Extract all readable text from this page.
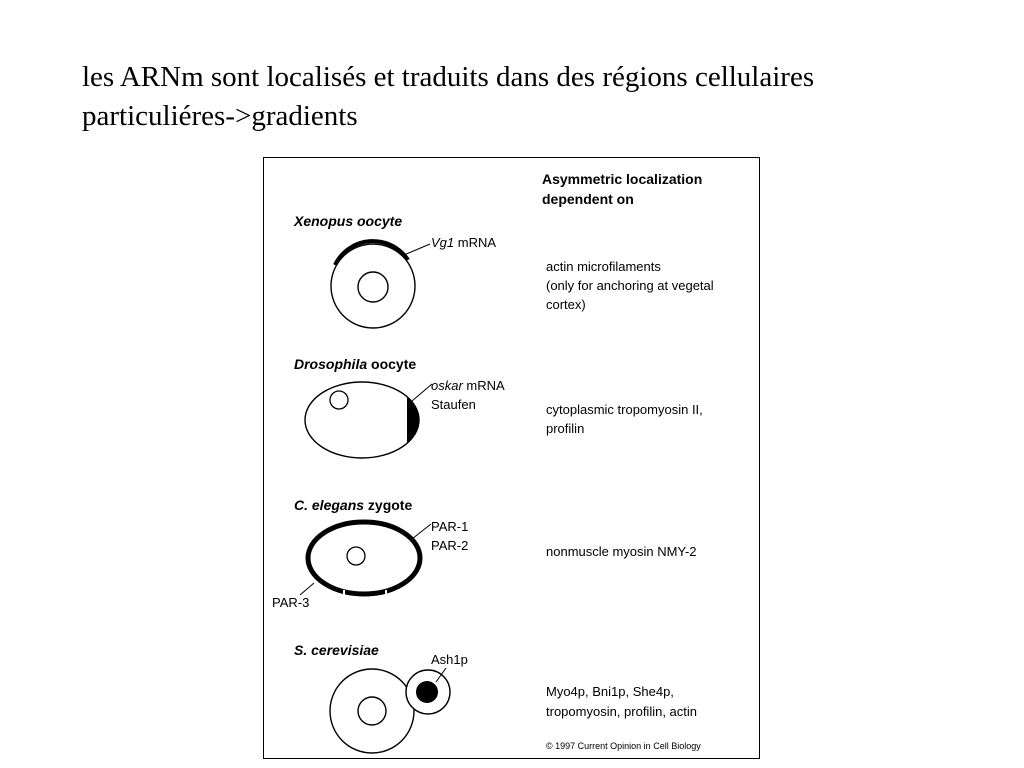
les ARNm sont localisés et traduits dans des régions cellulaires
particuliéres->gradients
Asymmetric localization
dependent on
Xenopus oocyte
Vg1 mRNA
actin microfilaments
(only for anchoring at vegetal
cortex)
Drosophila oocyte
oskar mRNA
Staufen	cytoplasmic tropomyosin II,
profilin
C. elegans zygote
PAR-1
PAR-2
PAR-3
nonmuscle myosin NMY-2
S. cerevisiae
Ash1p
Myo4p, Bni1p, She4p,
tropomyosin, profilin, actin
© 1997 Current Opinion in Cell Biology
